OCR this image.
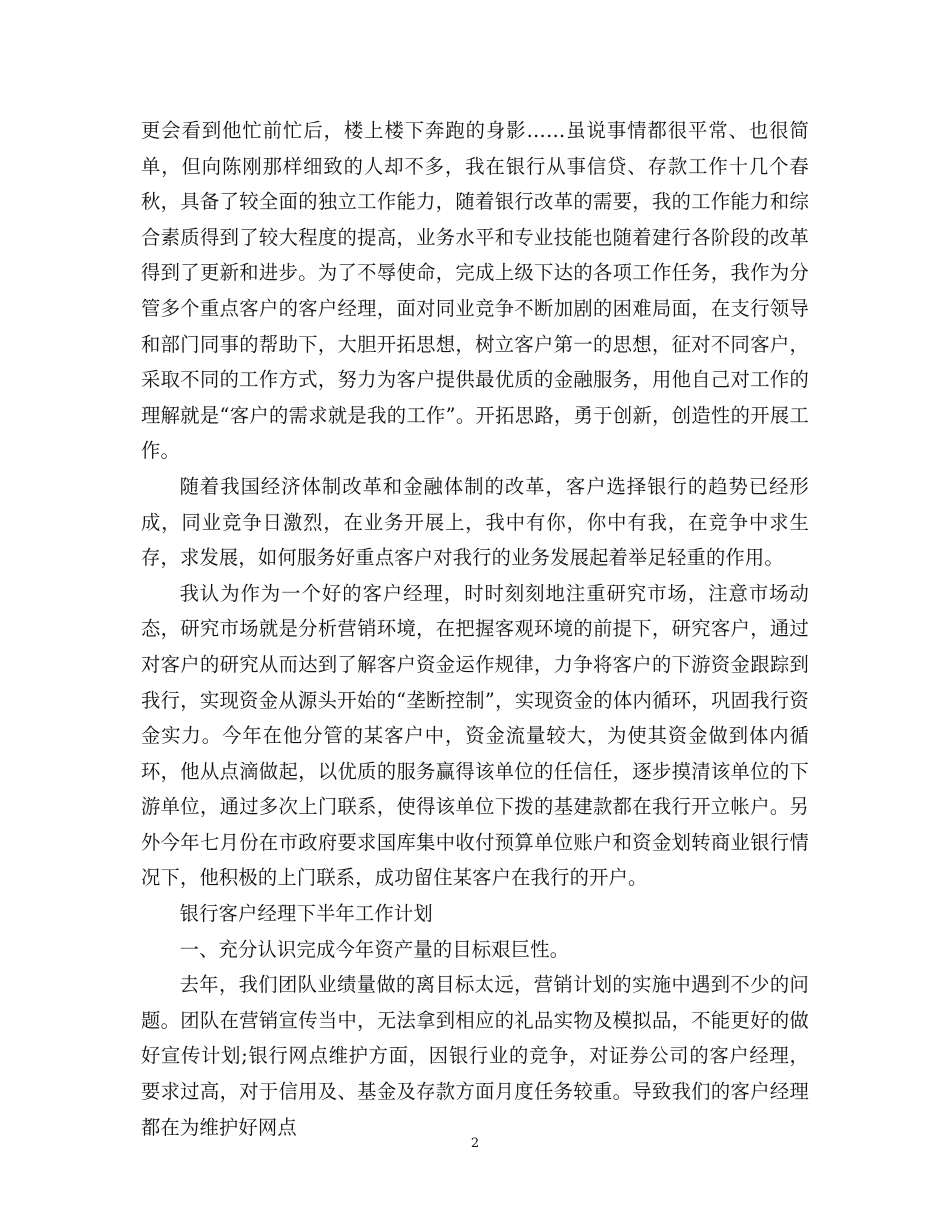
更会看到他忙前忙后，楼上楼下奔跑的身影……虽说事情都很平常、也很简单，但向陈刚那样细致的人却不多，我在银行从事信贷、存款工作十几个春秋，具备了较全面的独立工作能力，随着银行改革的需要，我的工作能力和综合素质得到了较大程度的提高，业务水平和专业技能也随着建行各阶段的改革得到了更新和进步。为了不辱使命，完成上级下达的各项工作任务，我作为分管多个重点客户的客户经理，面对同业竞争不断加剧的困难局面，在支行领导和部门同事的帮助下，大胆开拓思想，树立客户第一的思想，征对不同客户，采取不同的工作方式，努力为客户提供最优质的金融服务，用他自己对工作的理解就是“客户的需求就是我的工作”。开拓思路，勇于创新，创造性的开展工作。

随着我国经济体制改革和金融体制的改革，客户选择银行的趋势已经形成，同业竞争日激烈，在业务开展上，我中有你，你中有我，在竞争中求生存，求发展，如何服务好重点客户对我行的业务发展起着举足轻重的作用。

我认为作为一个好的客户经理，时时刻刻地注重研究市场，注意市场动态，研究市场就是分析营销环境，在把握客观环境的前提下，研究客户，通过对客户的研究从而达到了解客户资金运作规律，力争将客户的下游资金跟踪到我行，实现资金从源头开始的“垄断控制”，实现资金的体内循环，巩固我行资金实力。今年在他分管的某客户中，资金流量较大，为使其资金做到体内循环，他从点滴做起，以优质的服务赢得该单位的任信任，逐步摸清该单位的下游单位，通过多次上门联系，使得该单位下拨的基建款都在我行开立帐户。另外今年七月份在市政府要求国库集中收付预算单位账户和资金划转商业银行情况下，他积极的上门联系，成功留住某客户在我行的开户。

银行客户经理下半年工作计划

一、充分认识完成今年资产量的目标艰巨性。

去年，我们团队业绩量做的离目标太远，营销计划的实施中遇到不少的问题。团队在营销宣传当中，无法拿到相应的礼品实物及模拟品，不能更好的做好宣传计划;银行网点维护方面，因银行业的竞争，对证券公司的客户经理，要求过高，对于信用及、基金及存款方面月度任务较重。导致我们的客户经理都在为维护好网点

2
